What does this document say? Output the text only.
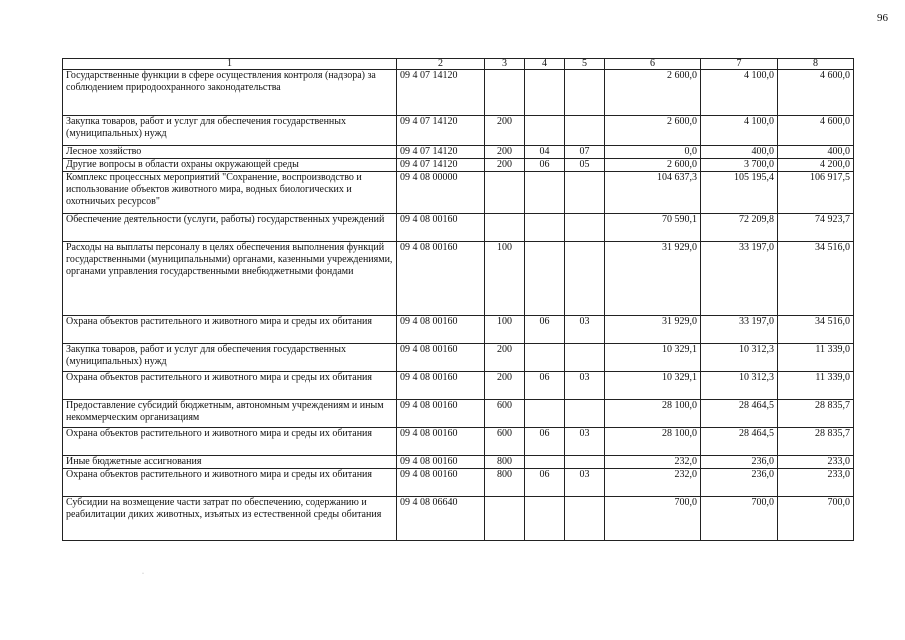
96
1	2	3	4	5	6	7	8
Государственные функции в сфере осуществления контроля (надзора) за соблюдением природоохранного законодательства	09 4 07 14120				2 600,0	4 100,0	4 600,0
Закупка товаров, работ и услуг для обеспечения государственных (муниципальных) нужд	09 4 07 14120	200			2 600,0	4 100,0	4 600,0
Лесное хозяйство	09 4 07 14120	200	04	07	0,0	400,0	400,0
Другие вопросы в области охраны окружающей среды	09 4 07 14120	200	06	05	2 600,0	3 700,0	4 200,0
Комплекс процессных мероприятий "Сохранение, воспроизводство и использование объектов животного мира, водных биологических и охотничьих ресурсов"	09 4 08 00000				104 637,3	105 195,4	106 917,5
Обеспечение деятельности (услуги, работы) государственных учреждений	09 4 08 00160				70 590,1	72 209,8	74 923,7
Расходы на выплаты персоналу в целях обеспечения выполнения функций государственными (муниципальными) органами, казенными учреждениями, органами управления государственными внебюджетными фондами	09 4 08 00160	100			31 929,0	33 197,0	34 516,0
Охрана объектов растительного и животного мира и среды их обитания	09 4 08 00160	100	06	03	31 929,0	33 197,0	34 516,0
Закупка товаров, работ и услуг для обеспечения государственных (муниципальных) нужд	09 4 08 00160	200			10 329,1	10 312,3	11 339,0
Охрана объектов растительного и животного мира и среды их обитания	09 4 08 00160	200	06	03	10 329,1	10 312,3	11 339,0
Предоставление субсидий бюджетным, автономным учреждениям и иным некоммерческим организациям	09 4 08 00160	600			28 100,0	28 464,5	28 835,7
Охрана объектов растительного и животного мира и среды их обитания	09 4 08 00160	600	06	03	28 100,0	28 464,5	28 835,7
Иные бюджетные ассигнования	09 4 08 00160	800			232,0	236,0	233,0
Охрана объектов растительного и животного мира и среды их обитания	09 4 08 00160	800	06	03	232,0	236,0	233,0
Субсидии на возмещение части затрат по обеспечению, содержанию и реабилитации диких животных, изъятых из естественной среды обитания	09 4 08 06640				700,0	700,0	700,0
·
